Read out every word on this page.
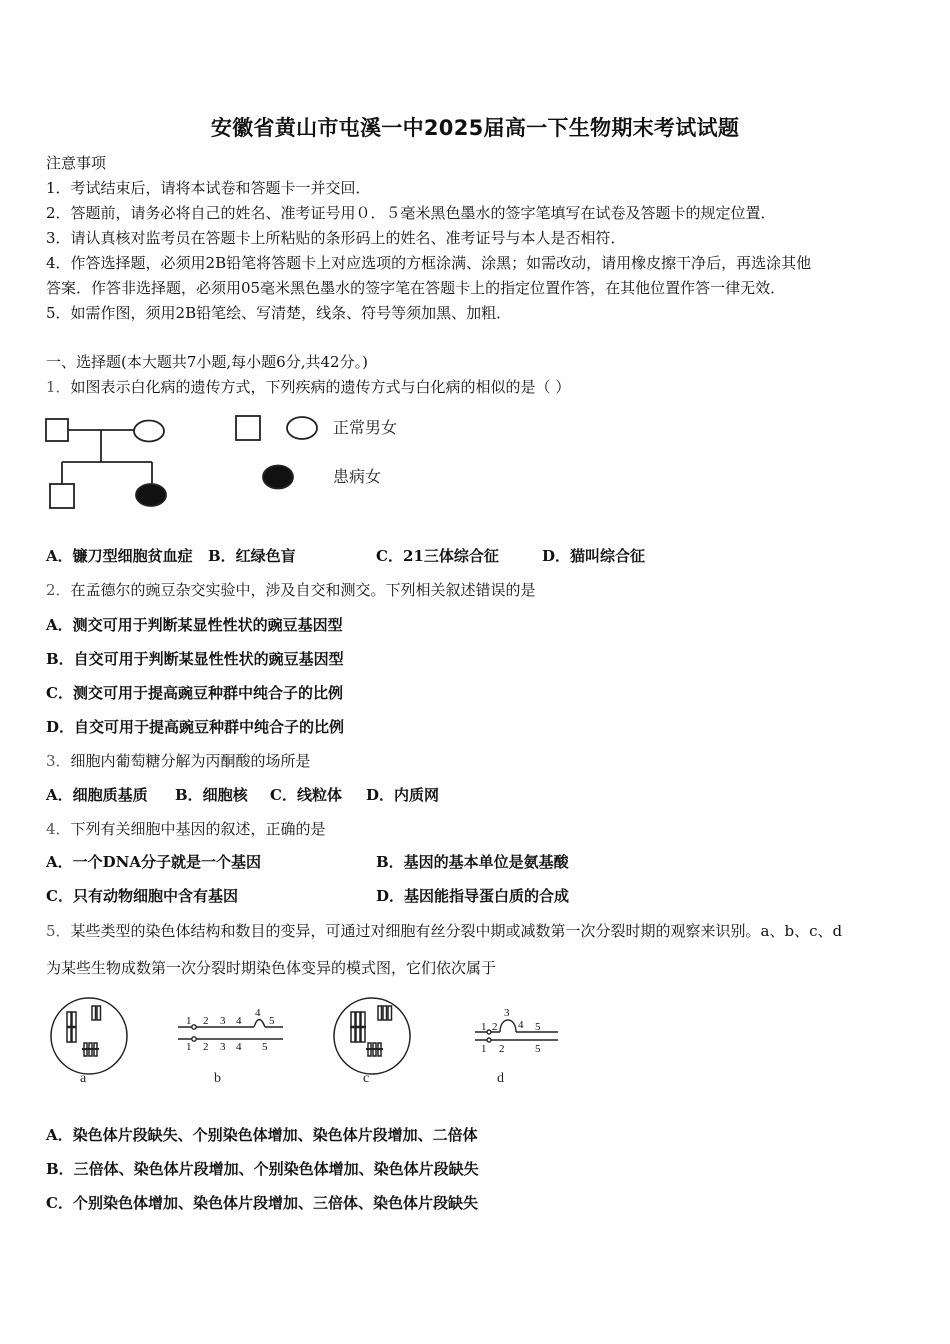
安徽省黄山市屯溪一中2025届高一下生物期末考试试题
注意事项
1．考试结束后，请将本试卷和答题卡一并交回．
2．答题前，请务必将自己的姓名、准考证号用０．５毫米黑色墨水的签字笔填写在试卷及答题卡的规定位置．
3．请认真核对监考员在答题卡上所粘贴的条形码上的姓名、准考证号与本人是否相符．
4．作答选择题，必须用2B铅笔将答题卡上对应选项的方框涂满、涂黑；如需改动，请用橡皮擦干净后，再选涂其他
答案．作答非选择题，必须用05毫米黑色墨水的签字笔在答题卡上的指定位置作答，在其他位置作答一律无效．
5．如需作图，须用2B铅笔绘、写清楚，线条、符号等须加黑、加粗．
一、选择题(本大题共7小题,每小题6分,共42分。)
1．如图表示白化病的遗传方式，下列疾病的遗传方式与白化病的相似的是（ ）
正常男女
患病女
A．镰刀型细胞贫血症 B．红绿色盲	C．21三体综合征	D．猫叫综合征
2．在孟德尔的豌豆杂交实验中，涉及自交和测交。下列相关叙述错误的是
A．测交可用于判断某显性性状的豌豆基因型
B．自交可用于判断某显性性状的豌豆基因型
C．测交可用于提高豌豆种群中纯合子的比例
D．自交可用于提高豌豆种群中纯合子的比例
3．细胞内葡萄糖分解为丙酮酸的场所是
A．细胞质基质 B．细胞核 C．线粒体 D．内质网
4．下列有关细胞中基因的叙述，正确的是
A．一个DNA分子就是一个基因	B．基因的基本单位是氨基酸
C．只有动物细胞中含有基因	D．基因能指导蛋白质的合成
5．某些类型的染色体结构和数目的变异，可通过对细胞有丝分裂中期或减数第一次分裂时期的观察来识别。a、b、c、d
为某些生物成数第一次分裂时期染色体变异的模式图，它们依次属于
a
1 2 3 4
4
5
1 2 3 4 5
b	c
1 2
3
4 5
1 2	5
d
A．染色体片段缺失、个别染色体增加、染色体片段增加、二倍体
B．三倍体、染色体片段增加、个别染色体增加、染色体片段缺失
C．个别染色体增加、染色体片段增加、三倍体、染色体片段缺失
